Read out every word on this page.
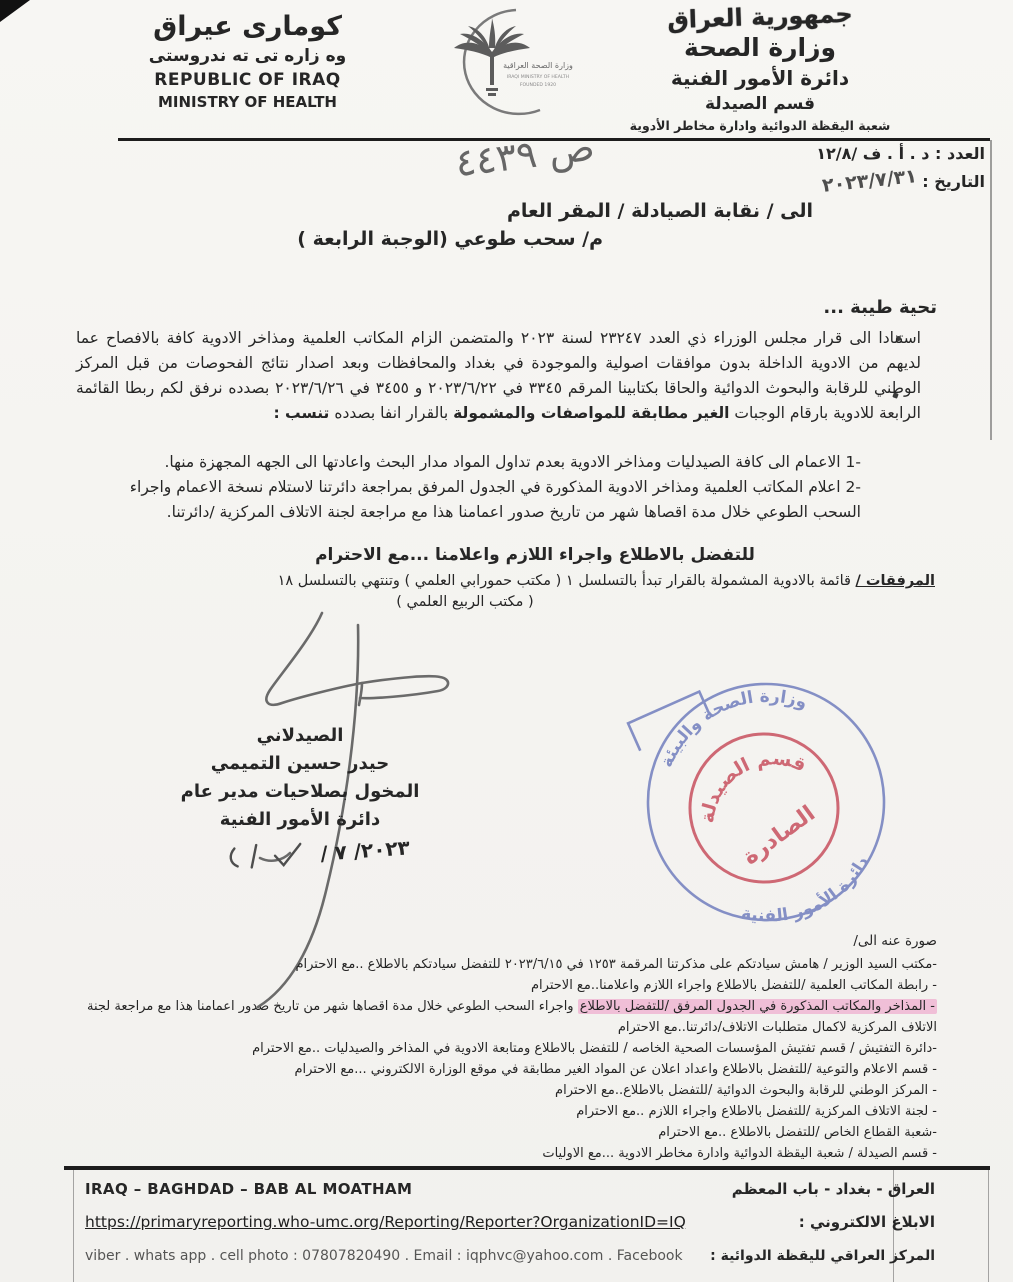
کوماری عیراق
وه زاره تی ته ندروستی
REPUBLIC OF IRAQ
MINISTRY OF HEALTH
وزارة الصحة العراقية
IRAQI MINISTRY OF HEALTH
FOUNDED 1920
جمهورية العراق
وزارة الصحة
دائرة الأمور الفنية
قسم الصيدلة
شعبة اليقظة الدوائية وادارة مخاطر الأدوية
العدد : د . أ . ف /١٢/٨
التاريخ : ٢٠٢٣/٧/٣١
ص ٤٤٣٩
الى / نقابة الصيادلة / المقر العام
م/ سحب طوعي (الوجبة الرابعة )
تحية طيبة ...
استنادا الى قرار مجلس الوزراء ذي العدد ٢٣٢٤٧ لسنة ٢٠٢٣ والمتضمن الزام المكاتب العلمية ومذاخر الادوية كافة بالافصاح عما لديهم من الادوية الداخلة بدون موافقات اصولية والموجودة في بغداد والمحافظات وبعد اصدار نتائج الفحوصات من قبل المركز الوطني للرقابة والبحوث الدوائية والحاقا بكتابينا المرقم ٣٣٤٥ في ٢٠٢٣/٦/٢٢ و ٣٤٥٥ في ٢٠٢٣/٦/٢٦ بصدده نرفق لكم ربطا القائمة الرابعة للادوية بارقام الوجبات الغير مطابقة للمواصفات والمشمولة بالقرار انفا بصدده تنسب :
1- الاعمام الى كافة الصيدليات ومذاخر الادوية بعدم تداول المواد مدار البحث واعادتها الى الجهه المجهزة منها.
2- اعلام المكاتب العلمية ومذاخر الادوية المذكورة في الجدول المرفق بمراجعة دائرتنا لاستلام نسخة الاعمام واجراء السحب الطوعي خلال مدة اقصاها شهر من تاريخ صدور اعمامنا هذا مع مراجعة لجنة الاتلاف المركزية /دائرتنا.
للتفضل بالاطلاع واجراء اللازم واعلامنا ...مع الاحترام
المرفقات / قائمة بالادوية المشمولة بالقرار تبدأ بالتسلسل ١ ( مكتب حمورابي العلمي ) وتنتهي بالتسلسل ١٨
( مكتب الربيع العلمي )
الصيدلاني
حيدر حسين التميمي
المخول بصلاحيات مدير عام
دائرة الأمور الفنية
٢٠٢٣/ ٧ /
وزارة الصحة والبيئة
دائرة الأمور الفنية
قسم الصيدلة
الصادرة
صورة عنه الى/
-مكتب السيد الوزير / هامش سيادتكم على مذكرتنا المرقمة ١٢٥٣ في ٢٠٢٣/٦/١٥ للتفضل سيادتكم بالاطلاع ..مع الاحترام
- رابطة المكاتب العلمية /للتفضل بالاطلاع واجراء اللازم واعلامنا..مع الاحترام
- المذاخر والمكاتب المذكورة في الجدول المرفق /للتفضل بالاطلاع واجراء السحب الطوعي خلال مدة اقصاها شهر من تاريخ صدور اعمامنا هذا مع مراجعة لجنة الاتلاف المركزية لاكمال متطلبات الاتلاف/دائرتنا..مع الاحترام
-دائرة التفتيش / قسم تفتيش المؤسسات الصحية الخاصه / للتفضل بالاطلاع ومتابعة الادوية في المذاخر والصيدليات ..مع الاحترام
- قسم الاعلام والتوعية /للتفضل بالاطلاع واعداد اعلان عن المواد الغير مطابقة في موقع الوزارة الالكتروني ...مع الاحترام
- المركز الوطني للرقابة والبحوث الدوائية /للتفضل بالاطلاع..مع الاحترام
- لجنة الاتلاف المركزية /للتفضل بالاطلاع واجراء اللازم ..مع الاحترام
-شعبة القطاع الخاص /للتفضل بالاطلاع ..مع الاحترام
- قسم الصيدلة / شعبة اليقظة الدوائية وادارة مخاطر الادوية ...مع الاوليات
IRAQ – BAGHDAD – BAB AL MOATHAM	العراق - بغداد - باب المعظم
https://primaryreporting.who-umc.org/Reporting/Reporter?OrganizationID=IQ	الابلاغ الالكتروني :
viber . whats app . cell photo : 07807820490 . Email : iqphvc@yahoo.com . Facebook المركز العراقي لليقظة الدوائية :
